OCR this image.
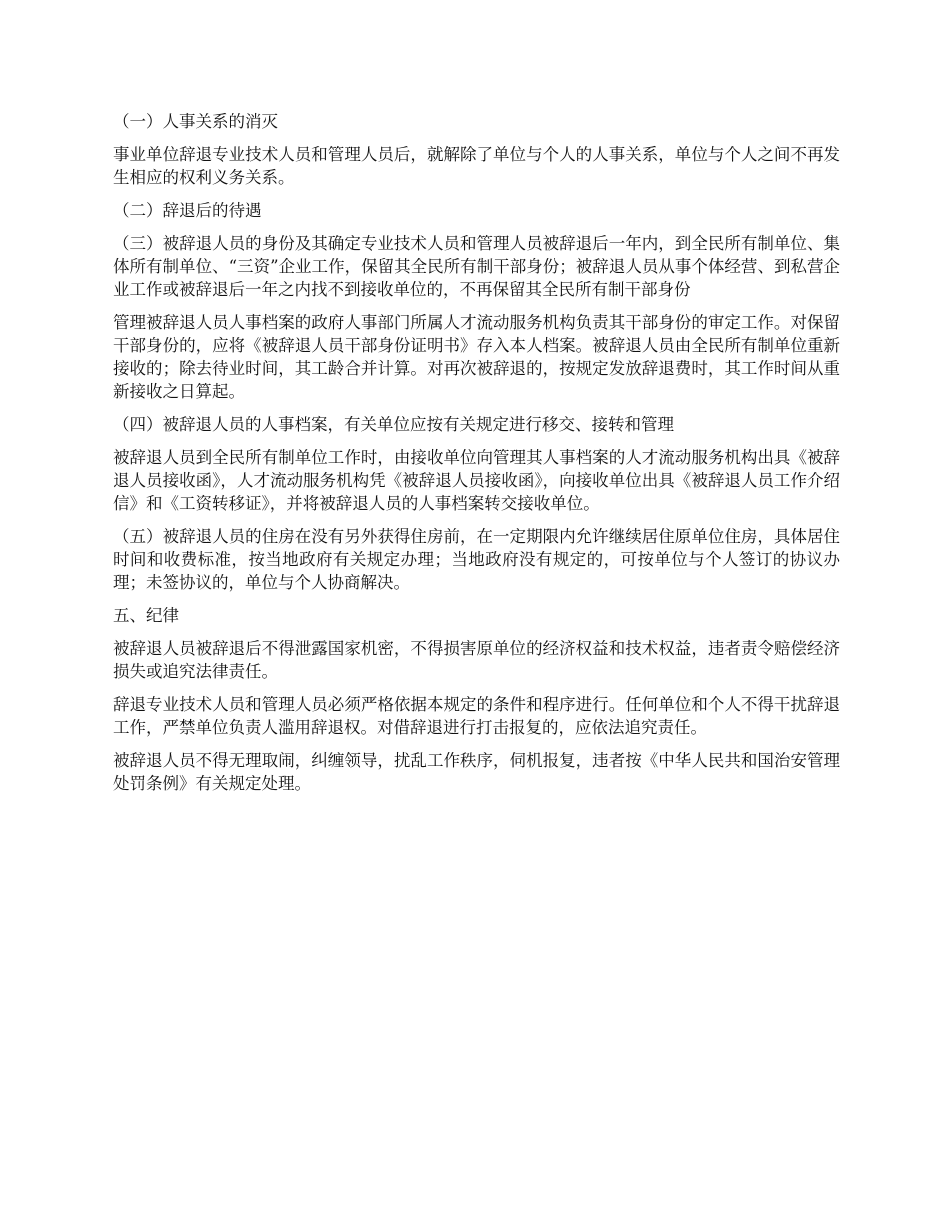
（一）人事关系的消灭

事业单位辞退专业技术人员和管理人员后，就解除了单位与个人的人事关系，单位与个人之间不再发生相应的权利义务关系。

（二）辞退后的待遇

（三）被辞退人员的身份及其确定专业技术人员和管理人员被辞退后一年内，到全民所有制单位、集体所有制单位、“三资”企业工作，保留其全民所有制干部身份；被辞退人员从事个体经营、到私营企业工作或被辞退后一年之内找不到接收单位的，不再保留其全民所有制干部身份

管理被辞退人员人事档案的政府人事部门所属人才流动服务机构负责其干部身份的审定工作。对保留干部身份的，应将《被辞退人员干部身份证明书》存入本人档案。被辞退人员由全民所有制单位重新接收的；除去待业时间，其工龄合并计算。对再次被辞退的，按规定发放辞退费时，其工作时间从重新接收之日算起。

（四）被辞退人员的人事档案，有关单位应按有关规定进行移交、接转和管理

被辞退人员到全民所有制单位工作时，由接收单位向管理其人事档案的人才流动服务机构出具《被辞退人员接收函》，人才流动服务机构凭《被辞退人员接收函》，向接收单位出具《被辞退人员工作介绍信》和《工资转移证》，并将被辞退人员的人事档案转交接收单位。

（五）被辞退人员的住房在没有另外获得住房前，在一定期限内允许继续居住原单位住房，具体居住时间和收费标准，按当地政府有关规定办理；当地政府没有规定的，可按单位与个人签订的协议办理；未签协议的，单位与个人协商解决。

五、纪律

被辞退人员被辞退后不得泄露国家机密，不得损害原单位的经济权益和技术权益，违者责令赔偿经济损失或追究法律责任。

辞退专业技术人员和管理人员必须严格依据本规定的条件和程序进行。任何单位和个人不得干扰辞退工作，严禁单位负责人滥用辞退权。对借辞退进行打击报复的，应依法追究责任。

被辞退人员不得无理取闹，纠缠领导，扰乱工作秩序，伺机报复，违者按《中华人民共和国治安管理处罚条例》有关规定处理。
